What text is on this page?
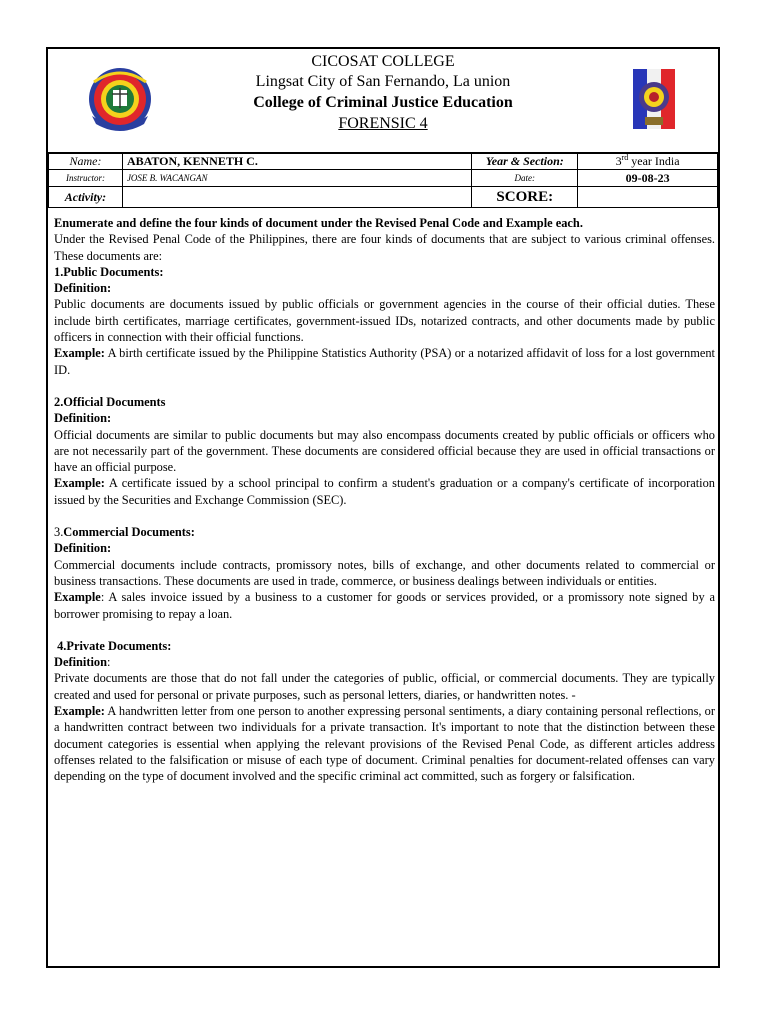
CICOSAT COLLEGE
Lingsat City of San Fernando, La union
College of Criminal Justice Education
FORENSIC 4
Name:	ABATON, KENNETH C.	Year & Section:	3rd year India
Instructor:	JOSE B. WACANGAN	Date:	09-08-23
Activity:		SCORE:	

Enumerate and define the four kinds of document under the Revised Penal Code and Example each.

Under the Revised Penal Code of the Philippines, there are four kinds of documents that are subject to various criminal offenses. These documents are:

1.Public Documents:

Definition:

Public documents are documents issued by public officials or government agencies in the course of their official duties. These include birth certificates, marriage certificates, government-issued IDs, notarized contracts, and other documents made by public officers in connection with their official functions.

Example: A birth certificate issued by the Philippine Statistics Authority (PSA) or a notarized affidavit of loss for a lost government ID.

2.Official Documents

Definition:

Official documents are similar to public documents but may also encompass documents created by public officials or officers who are not necessarily part of the government. These documents are considered official because they are used in official transactions or have an official purpose.

Example: A certificate issued by a school principal to confirm a student's graduation or a company's certificate of incorporation issued by the Securities and Exchange Commission (SEC).

3.Commercial Documents:

Definition:

Commercial documents include contracts, promissory notes, bills of exchange, and other documents related to commercial or business transactions. These documents are used in trade, commerce, or business dealings between individuals or entities.

Example: A sales invoice issued by a business to a customer for goods or services provided, or a promissory note signed by a borrower promising to repay a loan.

4.Private Documents:

Definition:

Private documents are those that do not fall under the categories of public, official, or commercial documents. They are typically created and used for personal or private purposes, such as personal letters, diaries, or handwritten notes. -

Example: A handwritten letter from one person to another expressing personal sentiments, a diary containing personal reflections, or a handwritten contract between two individuals for a private transaction. It's important to note that the distinction between these document categories is essential when applying the relevant provisions of the Revised Penal Code, as different articles address offenses related to the falsification or misuse of each type of document. Criminal penalties for document-related offenses can vary depending on the type of document involved and the specific criminal act committed, such as forgery or falsification.
